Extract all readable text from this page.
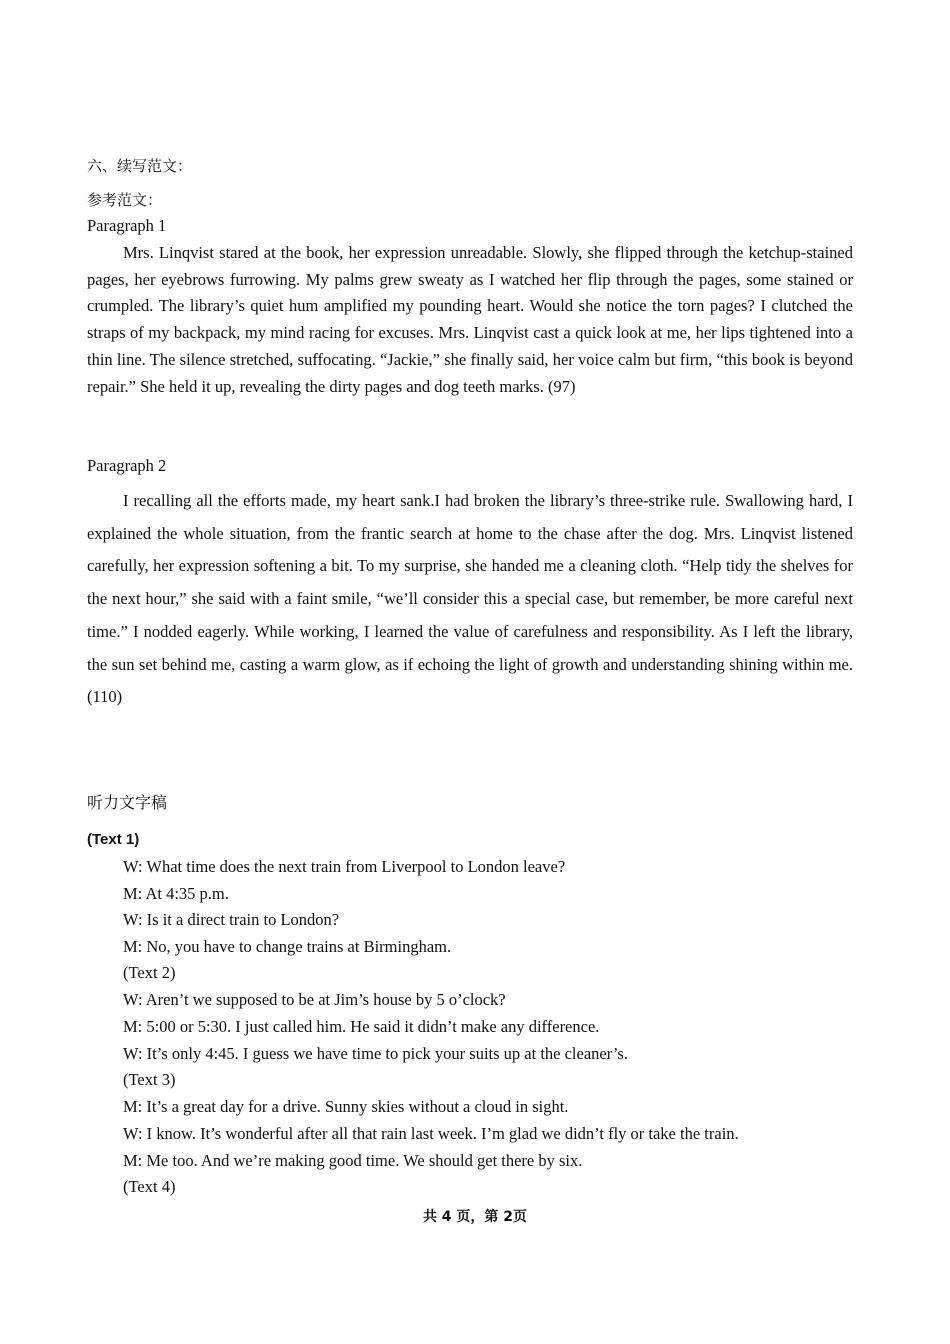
六、续写范文：
参考范文：
Paragraph 1
Mrs. Linqvist stared at the book, her expression unreadable. Slowly, she flipped through the ketchup-stained pages, her eyebrows furrowing. My palms grew sweaty as I watched her flip through the pages, some stained or crumpled. The library’s quiet hum amplified my pounding heart. Would she notice the torn pages? I clutched the straps of my backpack, my mind racing for excuses. Mrs. Linqvist cast a quick look at me, her lips tightened into a thin line. The silence stretched, suffocating. “Jackie,” she finally said, her voice calm but firm, “this book is beyond repair.” She held it up, revealing the dirty pages and dog teeth marks. (97)
Paragraph 2
I recalling all the efforts made, my heart sank.I had broken the library’s three-strike rule. Swallowing hard, I explained the whole situation, from the frantic search at home to the chase after the dog. Mrs. Linqvist listened carefully, her expression softening a bit. To my surprise, she handed me a cleaning cloth. “Help tidy the shelves for the next hour,” she said with a faint smile, “we’ll consider this a special case, but remember, be more careful next time.” I nodded eagerly. While working, I learned the value of carefulness and responsibility. As I left the library, the sun set behind me, casting a warm glow, as if echoing the light of growth and understanding shining within me. (110)
听力文字稿
(Text 1)
W: What time does the next train from Liverpool to London leave?
M: At 4:35 p.m.
W: Is it a direct train to London?
M: No, you have to change trains at Birmingham.
(Text 2)
W: Aren’t we supposed to be at Jim’s house by 5 o’clock?
M: 5:00 or 5:30. I just called him. He said it didn’t make any difference.
W: It’s only 4:45. I guess we have time to pick your suits up at the cleaner’s.
(Text 3)
M: It’s a great day for a drive. Sunny skies without a cloud in sight.
W: I know. It’s wonderful after all that rain last week. I’m glad we didn’t fly or take the train.
M: Me too. And we’re making good time. We should get there by six.
(Text 4)
共 4 页，第 2页
